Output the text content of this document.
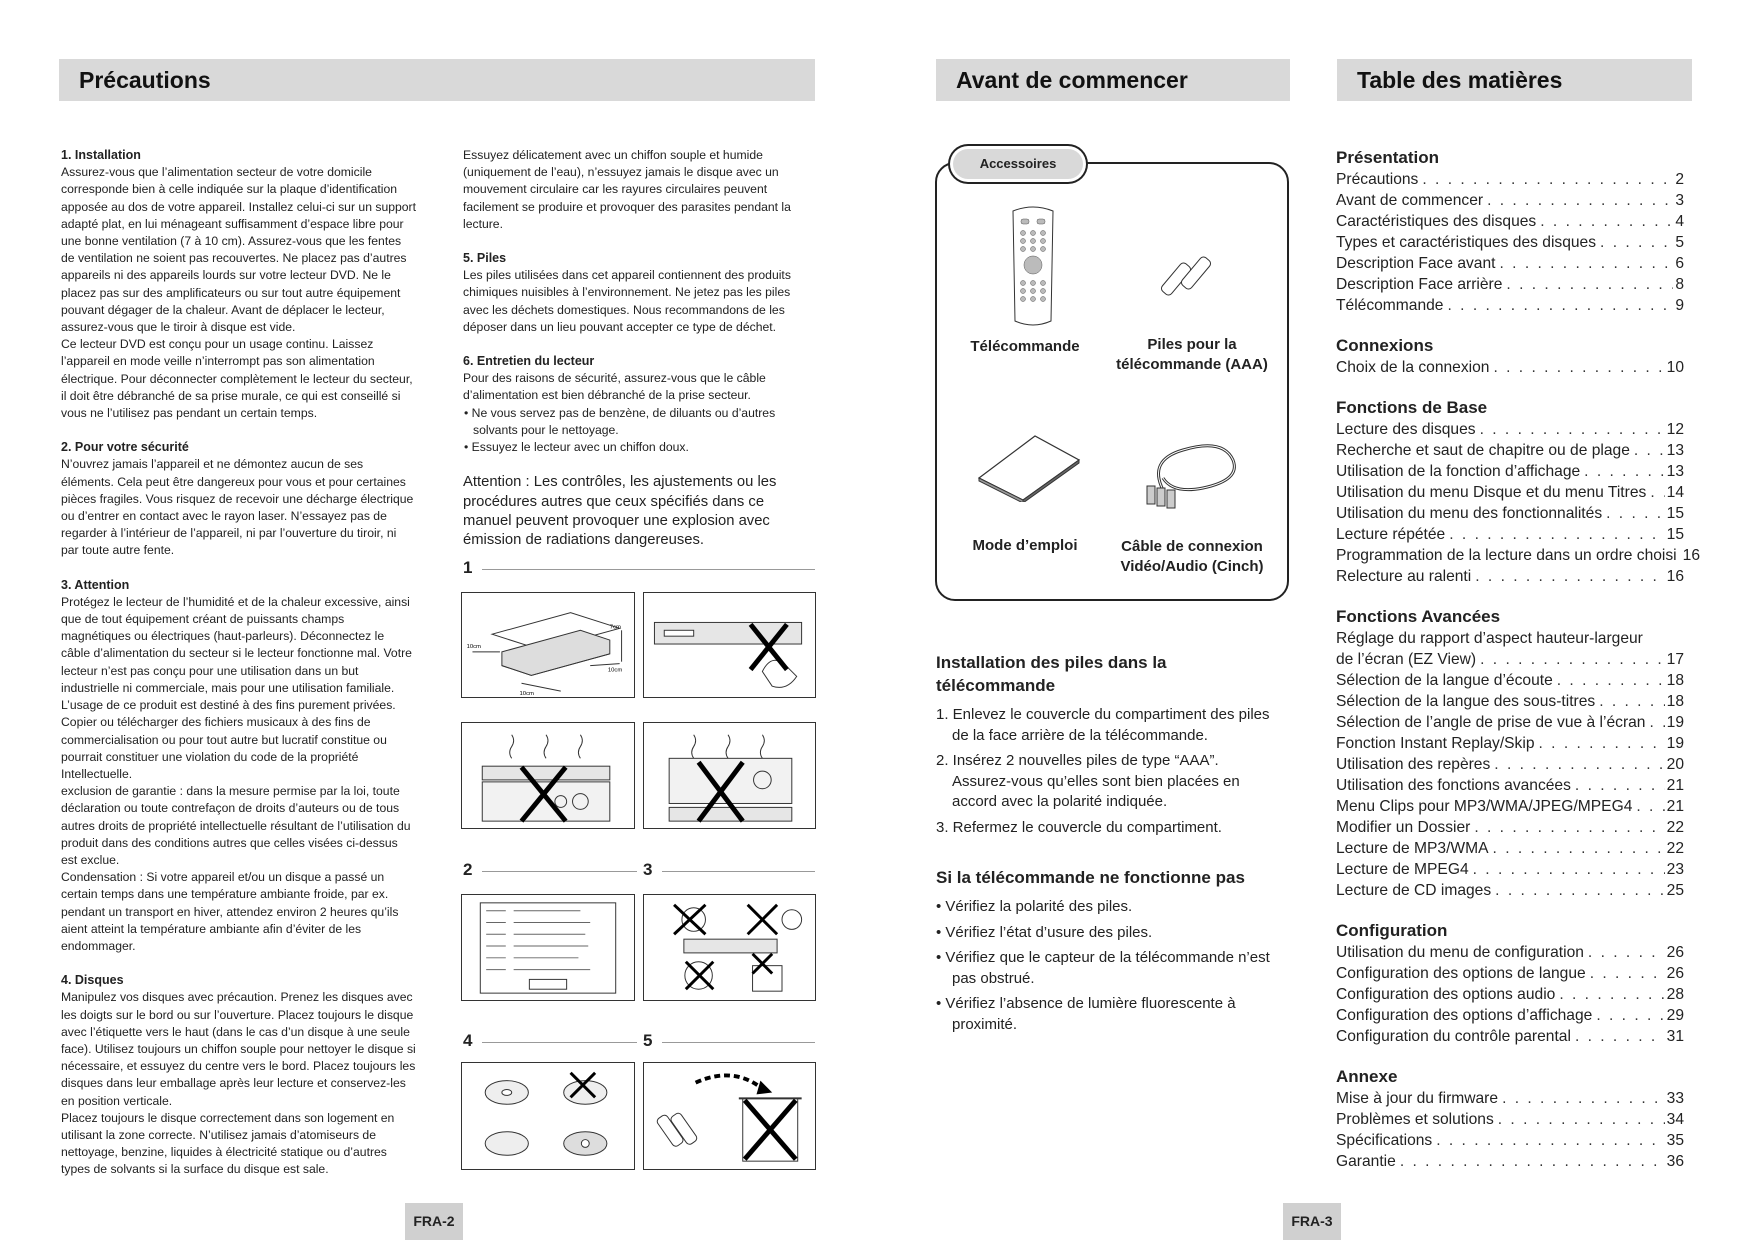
Précautions	Avant de commencer	Table des matières
1. Installation

Assurez-vous que l’alimentation secteur de votre domicile corresponde bien à celle indiquée sur la plaque d’identification apposée au dos de votre appareil. Installez celui-ci sur un support adapté plat, en lui ménageant suffisamment d’espace libre pour une bonne ventilation (7 à 10 cm). Assurez-vous que les fentes de ventilation ne soient pas recouvertes. Ne placez pas d’autres appareils ni des appareils lourds sur votre lecteur DVD. Ne le placez pas sur des amplificateurs ou sur tout autre équipement pouvant dégager de la chaleur. Avant de déplacer le lecteur, assurez-vous que le tiroir à disque est vide.

Ce lecteur DVD est conçu pour un usage continu. Laissez l’appareil en mode veille n’interrompt pas son alimentation électrique. Pour déconnecter complètement le lecteur du secteur, il doit être débranché de sa prise murale, ce qui est conseillé si vous ne l’utilisez pas pendant un certain temps.

2. Pour votre sécurité

N’ouvrez jamais l’appareil et ne démontez aucun de ses éléments. Cela peut être dangereux pour vous et pour certaines pièces fragiles. Vous risquez de recevoir une décharge électrique ou d’entrer en contact avec le rayon laser. N’essayez pas de regarder à l’intérieur de l’appareil, ni par l’ouverture du tiroir, ni par toute autre fente.

3. Attention

Protégez le lecteur de l’humidité et de la chaleur excessive, ainsi que de tout équipement créant de puissants champs magnétiques ou électriques (haut-parleurs). Déconnectez le câble d’alimentation du secteur si le lecteur fonctionne mal. Votre lecteur n’est pas conçu pour une utilisation dans un but industrielle ni commerciale, mais pour une utilisation familiale. L’usage de ce produit est destiné à des fins purement privées. Copier ou télécharger des fichiers musicaux à des fins de commercialisation ou pour tout autre but lucratif constitue ou pourrait constituer une violation du code de la propriété Intellectuelle.

exclusion de garantie : dans la mesure permise par la loi, toute déclaration ou toute contrefaçon de droits d’auteurs ou de tous autres droits de propriété intellectuelle résultant de l’utilisation du produit dans des conditions autres que celles visées ci-dessus est exclue.

Condensation : Si votre appareil et/ou un disque a passé un certain temps dans une température ambiante froide, par ex. pendant un transport en hiver, attendez environ 2 heures qu’ils aient atteint la température ambiante afin d’éviter de les endommager.

4. Disques

Manipulez vos disques avec précaution. Prenez les disques avec les doigts sur le bord ou sur l’ouverture. Placez toujours le disque avec l’étiquette vers le haut (dans le cas d’un disque à une seule face). Utilisez toujours un chiffon souple pour nettoyer le disque si nécessaire, et essuyez du centre vers le bord. Placez toujours les disques dans leur emballage après leur lecture et conservez-les en position verticale.

Placez toujours le disque correctement dans son logement en utilisant la zone correcte. N’utilisez jamais d’atomiseurs de nettoyage, benzine, liquides à électricité statique ou d’autres types de solvants si la surface du disque est sale.

Essuyez délicatement avec un chiffon souple et humide (uniquement de l’eau), n’essuyez jamais le disque avec un mouvement circulaire car les rayures circulaires peuvent facilement se produire et provoquer des parasites pendant la lecture.

5. Piles

Les piles utilisées dans cet appareil contiennent des produits chimiques nuisibles à l’environnement. Ne jetez pas les piles avec les déchets domestiques. Nous recommandons de les déposer dans un lieu pouvant accepter ce type de déchet.

6. Entretien du lecteur

Pour des raisons de sécurité, assurez-vous que le câble d’alimentation est bien débranché de la prise secteur.

• Ne vous servez pas de benzène, de diluants ou d’autres solvants pour le nettoyage.

• Essuyez le lecteur avec un chiffon doux.

Attention : Les contrôles, les ajustements ou les procédures autres que ceux spécifiés dans ce manuel peuvent provoquer une explosion avec émission de radiations dangereuses.

1
2	3
4	5
10cm
7cm
10cm
10cm
Accessoires
Télécommande	Piles pour la télécommande (AAA)
Mode d’emploi	Câble de connexion Vidéo/Audio (Cinch)
Installation des piles dans la télécommande
1. Enlevez le couvercle du compartiment des piles de la face arrière de la télécommande.
2. Insérez 2 nouvelles piles de type “AAA”. Assurez-vous qu’elles sont bien placées en accord avec la polarité indiquée.
3. Refermez le couvercle du compartiment.
Si la télécommande ne fonctionne pas
• Vérifiez la polarité des piles.
• Vérifiez l’état d’usure des piles.
• Vérifiez que le capteur de la télécommande n’est pas obstrué.
• Vérifiez l’absence de lumière fluorescente à proximité.
Présentation
Précautions . . .	2
Avant de commencer . . .	3
Caractéristiques des disques . . .	4
Types et caractéristiques des disques . . .	5
Description Face avant . . .	6
Description Face arrière . . .	8
Télécommande . . .	9
Connexions
Choix de la connexion . . .	10
Fonctions de Base
Lecture des disques . . .	12
Recherche et saut de chapitre ou de plage . . . 13
Utilisation de la fonction d’affichage . . .	13
Utilisation du menu Disque et du menu Titres . . . 14
Utilisation du menu des fonctionnalités . . .	15
Lecture répétée . . .	15
Programmation de la lecture dans un ordre choisi 16
Relecture au ralenti . . .	16
Fonctions Avancées
Réglage du rapport d’aspect hauteur-largeur
de l’écran (EZ View) . . .	17
Sélection de la langue d’écoute . . .	18
Sélection de la langue des sous-titres . . .	18
Sélection de l’angle de prise de vue à l’écran . . . 19
Fonction Instant Replay/Skip . . .	19
Utilisation des repères . . .	20
Utilisation des fonctions avancées . . .	21
Menu Clips pour MP3/WMA/JPEG/MPEG4 . . . 21
Modifier un Dossier . . .	22
Lecture de MP3/WMA . . .	22
Lecture de MPEG4 . . .	23
Lecture de CD images . . .	25
Configuration
Utilisation du menu de configuration . . .	26
Configuration des options de langue . . .	26
Configuration des options audio . . .	28
Configuration des options d’affichage . . .	29
Configuration du contrôle parental . . .	31
Annexe
Mise à jour du firmware . . .	33
Problèmes et solutions . . .	34
Spécifications . . .	35
Garantie . . .	36
FRA-2	FRA-3
